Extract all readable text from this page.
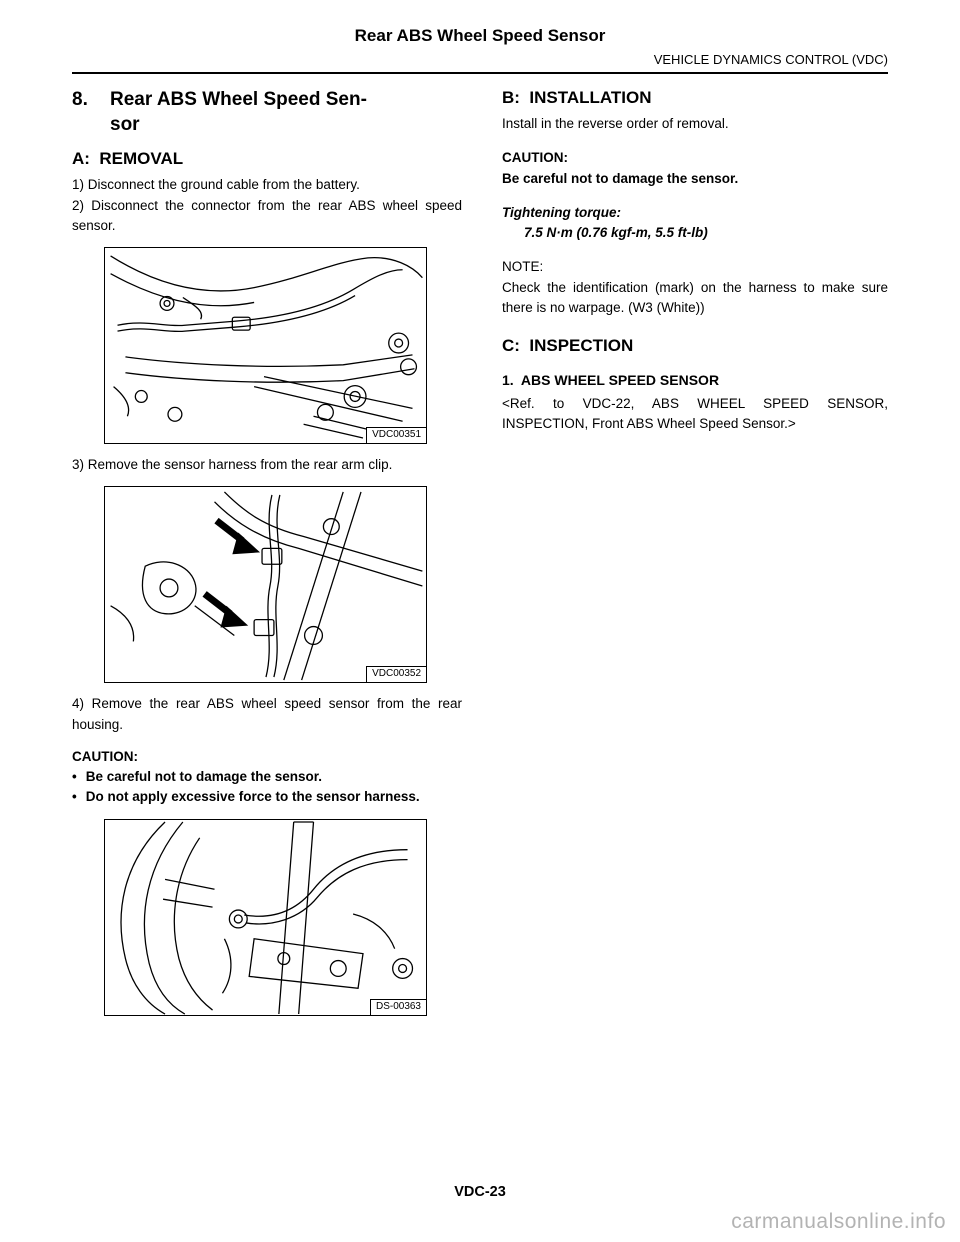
Rear ABS Wheel Speed Sensor
VEHICLE DYNAMICS CONTROL (VDC)
8.	Rear ABS Wheel Speed Sen-
sor
A:  REMOVAL

1) Disconnect the ground cable from the battery.

2) Disconnect the connector from the rear ABS wheel speed sensor.

VDC00351

3) Remove the sensor harness from the rear arm clip.

VDC00352

4) Remove the rear ABS wheel speed sensor from the rear housing.

CAUTION:

• Be careful not to damage the sensor.

• Do not apply excessive force to the sensor harness.

DS-00363
B:  INSTALLATION

Install in the reverse order of removal.

CAUTION:

Be careful not to damage the sensor.

Tightening torque:

7.5 N·m (0.76 kgf-m, 5.5 ft-lb)

NOTE:

Check the identification (mark) on the harness to make sure there is no warpage. (W3 (White))

C:  INSPECTION
1.  ABS WHEEL SPEED SENSOR

<Ref. to VDC-22, ABS WHEEL SPEED SENSOR, INSPECTION, Front ABS Wheel Speed Sensor.>

VDC-23
carmanualsonline.info
